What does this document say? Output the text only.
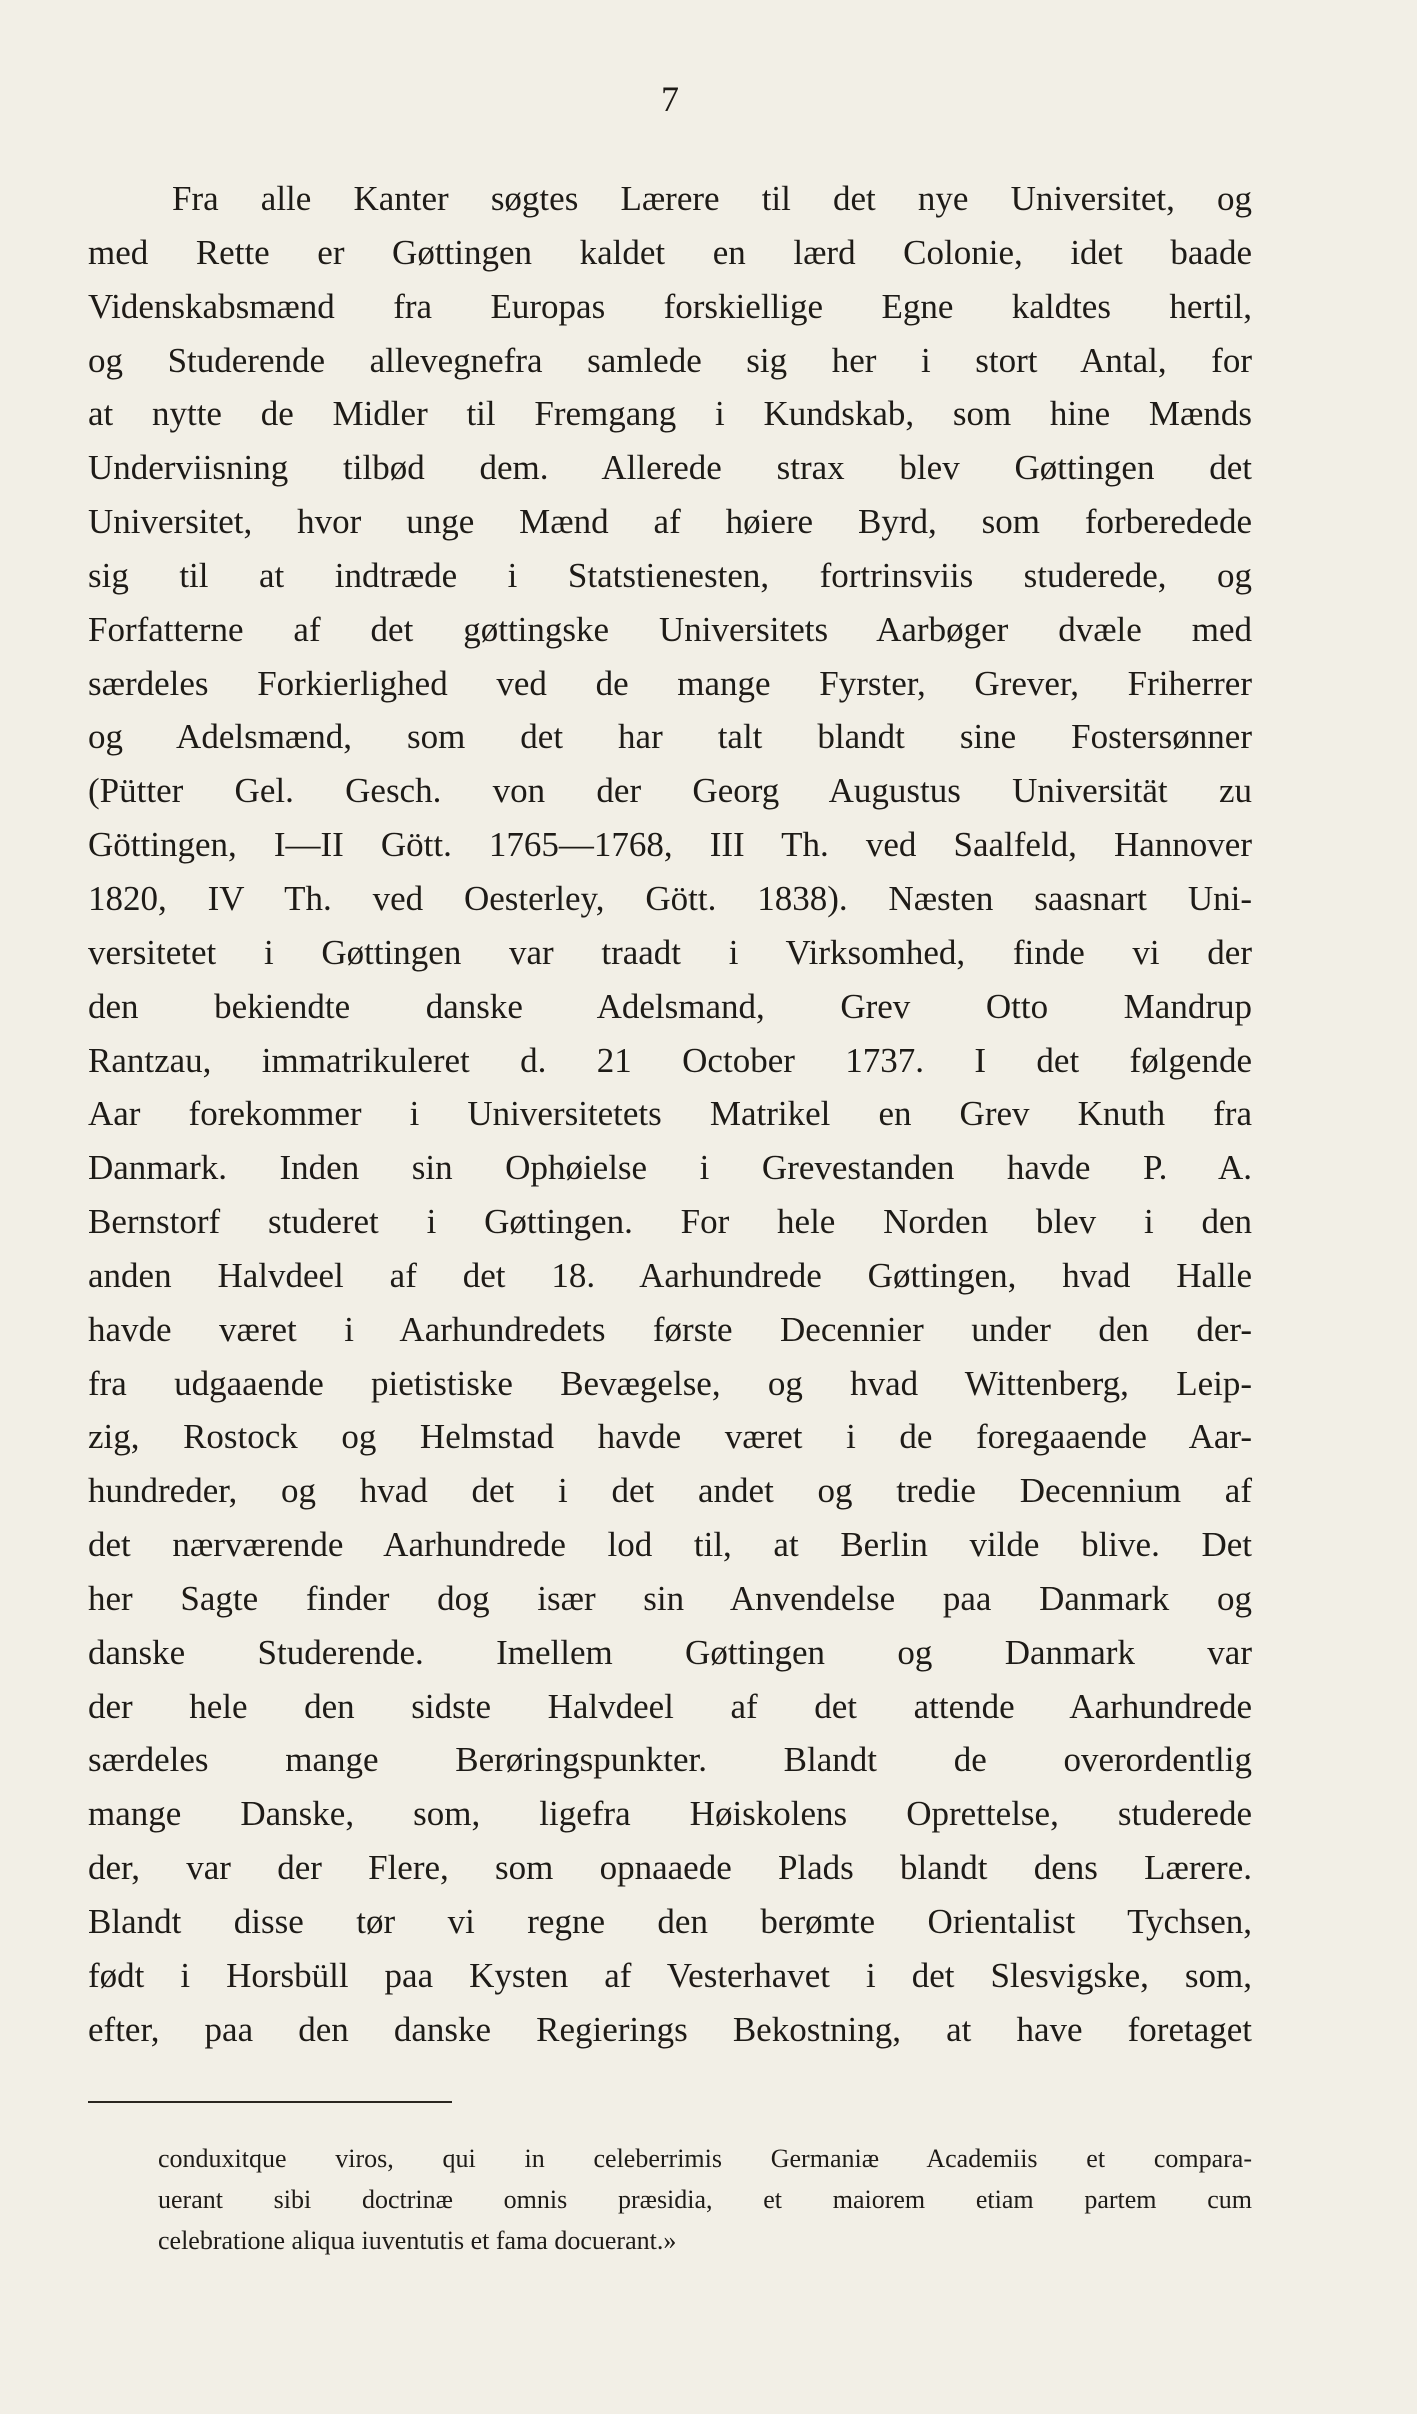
7
Fra alle Kanter søgtes Lærere til det nye Universitet, og
med Rette er Gøttingen kaldet en lærd Colonie, idet baade
Videnskabsmænd fra Europas forskiellige Egne kaldtes hertil,
og Studerende allevegnefra samlede sig her i stort Antal, for
at nytte de Midler til Fremgang i Kundskab, som hine Mænds
Underviisning tilbød dem. Allerede strax blev Gøttingen det
Universitet, hvor unge Mænd af høiere Byrd, som forberedede
sig til at indtræde i Statstienesten, fortrinsviis studerede, og
Forfatterne af det gøttingske Universitets Aarbøger dvæle med
særdeles Forkierlighed ved de mange Fyrster, Grever, Friherrer
og Adelsmænd, som det har talt blandt sine Fostersønner
(Pütter Gel. Gesch. von der Georg Augustus Universität zu
Göttingen, I—II Gött. 1765—1768, III Th. ved Saalfeld, Hannover
1820, IV Th. ved Oesterley, Gött. 1838). Næsten saasnart Uni-
versitetet i Gøttingen var traadt i Virksomhed, finde vi der
den bekiendte danske Adelsmand, Grev Otto Mandrup
Rantzau, immatrikuleret d. 21 October 1737. I det følgende
Aar forekommer i Universitetets Matrikel en Grev Knuth fra
Danmark. Inden sin Ophøielse i Grevestanden havde P. A.
Bernstorf studeret i Gøttingen. For hele Norden blev i den
anden Halvdeel af det 18. Aarhundrede Gøttingen, hvad Halle
havde været i Aarhundredets første Decennier under den der-
fra udgaaende pietistiske Bevægelse, og hvad Wittenberg, Leip-
zig, Rostock og Helmstad havde været i de foregaaende Aar-
hundreder, og hvad det i det andet og tredie Decennium af
det nærværende Aarhundrede lod til, at Berlin vilde blive. Det
her Sagte finder dog især sin Anvendelse paa Danmark og
danske Studerende. Imellem Gøttingen og Danmark var
der hele den sidste Halvdeel af det attende Aarhundrede
særdeles mange Berøringspunkter. Blandt de overordentlig
mange Danske, som, ligefra Høiskolens Oprettelse, studerede
der, var der Flere, som opnaaede Plads blandt dens Lærere.
Blandt disse tør vi regne den berømte Orientalist Tychsen,
født i Horsbüll paa Kysten af Vesterhavet i det Slesvigske, som,
efter, paa den danske Regierings Bekostning, at have foretaget
conduxitque viros, qui in celeberrimis Germaniæ Academiis et compara-
uerant sibi doctrinæ omnis præsidia, et maiorem etiam partem cum
celebratione aliqua iuventutis et fama docuerant.»
